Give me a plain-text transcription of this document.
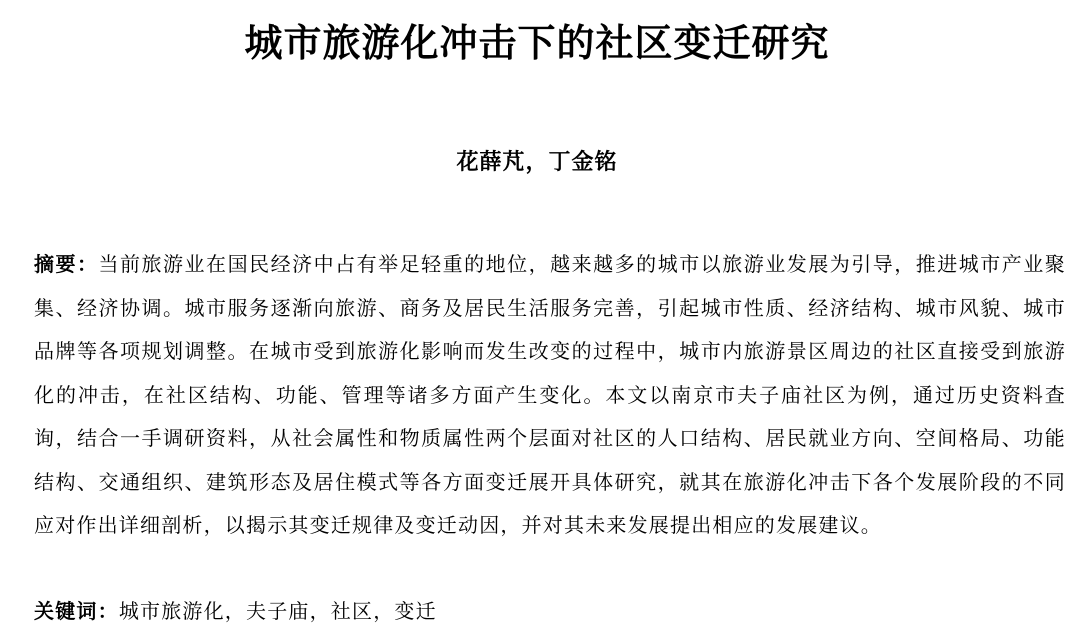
城市旅游化冲击下的社区变迁研究
花薛芃，丁金铭

摘要：当前旅游业在国民经济中占有举足轻重的地位，越来越多的城市以旅游业发展为引导，推进城市产业聚集、经济协调。城市服务逐渐向旅游、商务及居民生活服务完善，引起城市性质、经济结构、城市风貌、城市品牌等各项规划调整。在城市受到旅游化影响而发生改变的过程中，城市内旅游景区周边的社区直接受到旅游化的冲击，在社区结构、功能、管理等诸多方面产生变化。本文以南京市夫子庙社区为例，通过历史资料查询，结合一手调研资料，从社会属性和物质属性两个层面对社区的人口结构、居民就业方向、空间格局、功能结构、交通组织、建筑形态及居住模式等各方面变迁展开具体研究，就其在旅游化冲击下各个发展阶段的不同应对作出详细剖析，以揭示其变迁规律及变迁动因，并对其未来发展提出相应的发展建议。

关键词：城市旅游化，夫子庙，社区，变迁
